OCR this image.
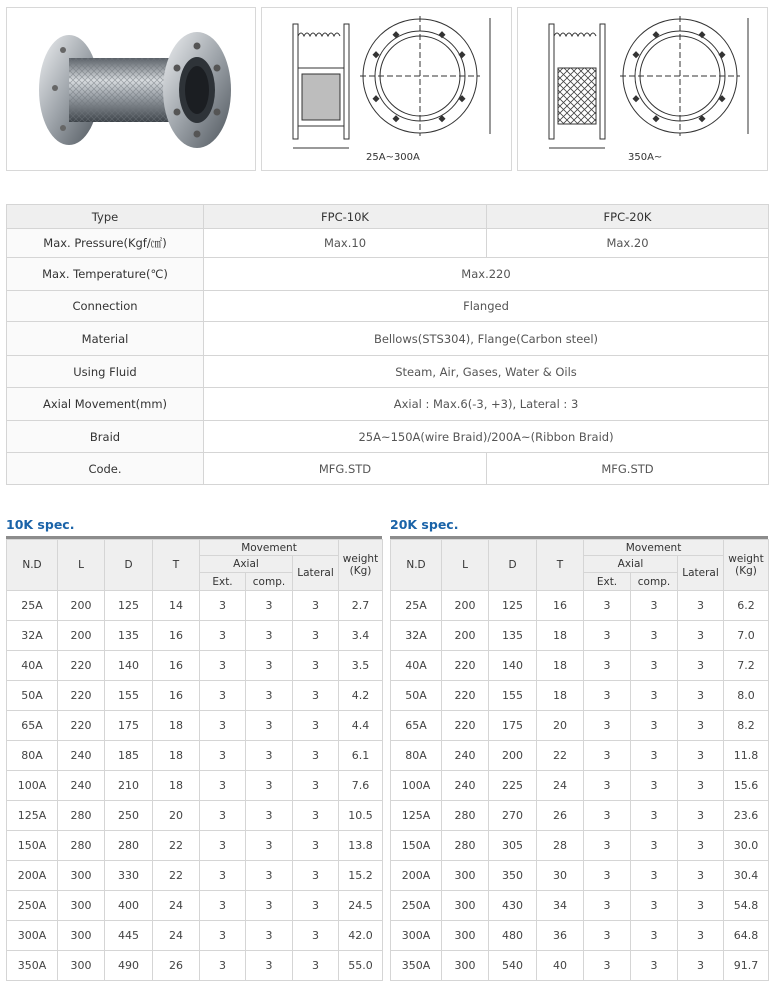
25A~300A	350A~
Type	FPC-10K	FPC-20K
Max. Pressure(Kgf/㎠)	Max.10	Max.20
Max. Temperature(℃)	Max.220	
Connection	Flanged	
Material	Bellows(STS304), Flange(Carbon steel)	
Using Fluid	Steam, Air, Gases, Water & Oils	
Axial Movement(mm)	Axial : Max.6(-3, +3), Lateral : 3	
Braid	25A~150A(wire Braid)/200A~(Ribbon Braid)	
Code.	MFG.STD	MFG.STD
10K spec.	20K spec.
N.D	L	D	T	Movement			weight (Kg)
				Axial		Lateral	
				Ext.	comp.		
25A	200	125	14	3	3	3	2.7
32A	200	135	16	3	3	3	3.4
40A	220	140	16	3	3	3	3.5
50A	220	155	16	3	3	3	4.2
65A	220	175	18	3	3	3	4.4
80A	240	185	18	3	3	3	6.1
100A	240	210	18	3	3	3	7.6
125A	280	250	20	3	3	3	10.5
150A	280	280	22	3	3	3	13.8
200A	300	330	22	3	3	3	15.2
250A	300	400	24	3	3	3	24.5
300A	300	445	24	3	3	3	42.0
350A	300	490	26	3	3	3	55.0
N.D	L	D	T	Movement			weight (Kg)
				Axial		Lateral	
				Ext.	comp.		
25A	200	125	16	3	3	3	6.2
32A	200	135	18	3	3	3	7.0
40A	220	140	18	3	3	3	7.2
50A	220	155	18	3	3	3	8.0
65A	220	175	20	3	3	3	8.2
80A	240	200	22	3	3	3	11.8
100A	240	225	24	3	3	3	15.6
125A	280	270	26	3	3	3	23.6
150A	280	305	28	3	3	3	30.0
200A	300	350	30	3	3	3	30.4
250A	300	430	34	3	3	3	54.8
300A	300	480	36	3	3	3	64.8
350A	300	540	40	3	3	3	91.7
